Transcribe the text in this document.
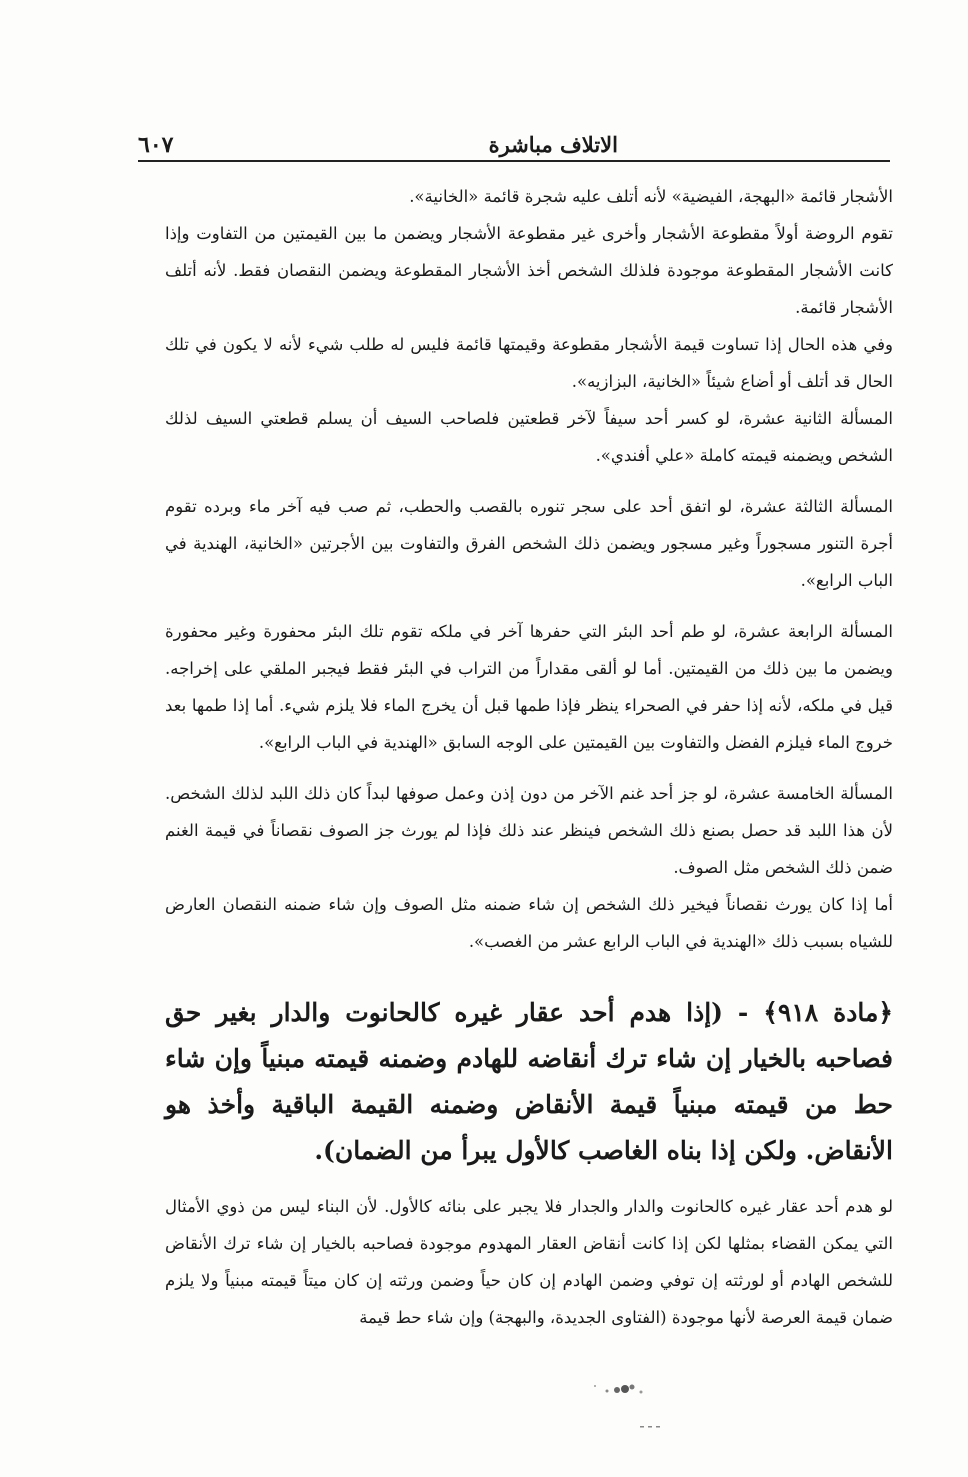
الاتلاف مباشرة
٦٠٧

الأشجار قائمة «البهجة، الفيضية» لأنه أتلف عليه شجرة قائمة «الخانية».

تقوم الروضة أولاً مقطوعة الأشجار وأخرى غير مقطوعة الأشجار ويضمن ما بين القيمتين من التفاوت وإذا كانت الأشجار المقطوعة موجودة فلذلك الشخص أخذ الأشجار المقطوعة ويضمن النقصان فقط. لأنه أتلف الأشجار قائمة.

وفي هذه الحال إذا تساوت قيمة الأشجار مقطوعة وقيمتها قائمة فليس له طلب شيء لأنه لا يكون في تلك الحال قد أتلف أو أضاع شيئاً «الخانية، البزازيه».

المسألة الثانية عشرة، لو كسر أحد سيفاً لآخر قطعتين فلصاحب السيف أن يسلم قطعتي السيف لذلك الشخص ويضمنه قيمته كاملة «علي أفندي».

المسألة الثالثة عشرة، لو اتفق أحد على سجر تنوره بالقصب والحطب، ثم صب فيه آخر ماء وبرده تقوم أجرة التنور مسجوراً وغير مسجور ويضمن ذلك الشخص الفرق والتفاوت بين الأجرتين «الخانية، الهندية في الباب الرابع».

المسألة الرابعة عشرة، لو طم أحد البئر التي حفرها آخر في ملكه تقوم تلك البئر محفورة وغير محفورة ويضمن ما بين ذلك من القيمتين. أما لو ألقى مقداراً من التراب في البئر فقط فيجبر الملقي على إخراجه. قيل في ملكه، لأنه إذا حفر في الصحراء ينظر فإذا طمها قبل أن يخرج الماء فلا يلزم شيء. أما إذا طمها بعد خروج الماء فيلزم الفضل والتفاوت بين القيمتين على الوجه السابق «الهندية في الباب الرابع».

المسألة الخامسة عشرة، لو جز أحد غنم الآخر من دون إذن وعمل صوفها لبداً كان ذلك اللبد لذلك الشخص. لأن هذا اللبد قد حصل بصنع ذلك الشخص فينظر عند ذلك فإذا لم يورث جز الصوف نقصاناً في قيمة الغنم ضمن ذلك الشخص مثل الصوف.

أما إذا كان يورث نقصاناً فيخير ذلك الشخص إن شاء ضمنه مثل الصوف وإن شاء ضمنه النقصان العارض للشياه بسبب ذلك «الهندية في الباب الرابع عشر من الغصب».

﴿مادة ٩١٨﴾ - (إذا هدم أحد عقار غيره كالحانوت والدار بغير حق فصاحبه بالخيار إن شاء ترك أنقاضه للهادم وضمنه قيمته مبنياً وإن شاء حط من قيمته مبنياً قيمة الأنقاض وضمنه القيمة الباقية وأخذ هو الأنقاض. ولكن إذا بناه الغاصب كالأول يبرأ من الضمان).

لو هدم أحد عقار غيره كالحانوت والدار والجدار فلا يجبر على بنائه كالأول. لأن البناء ليس من ذوي الأمثال التي يمكن القضاء بمثلها لكن إذا كانت أنقاض العقار المهدوم موجودة فصاحبه بالخيار إن شاء ترك الأنقاض للشخص الهادم أو لورثته إن توفي وضمن الهادم إن كان حياً وضمن ورثته إن كان ميتاً قيمته مبنياً ولا يلزم ضمان قيمة العرصة لأنها موجودة (الفتاوى الجديدة، والبهجة) وإن شاء حط قيمة
